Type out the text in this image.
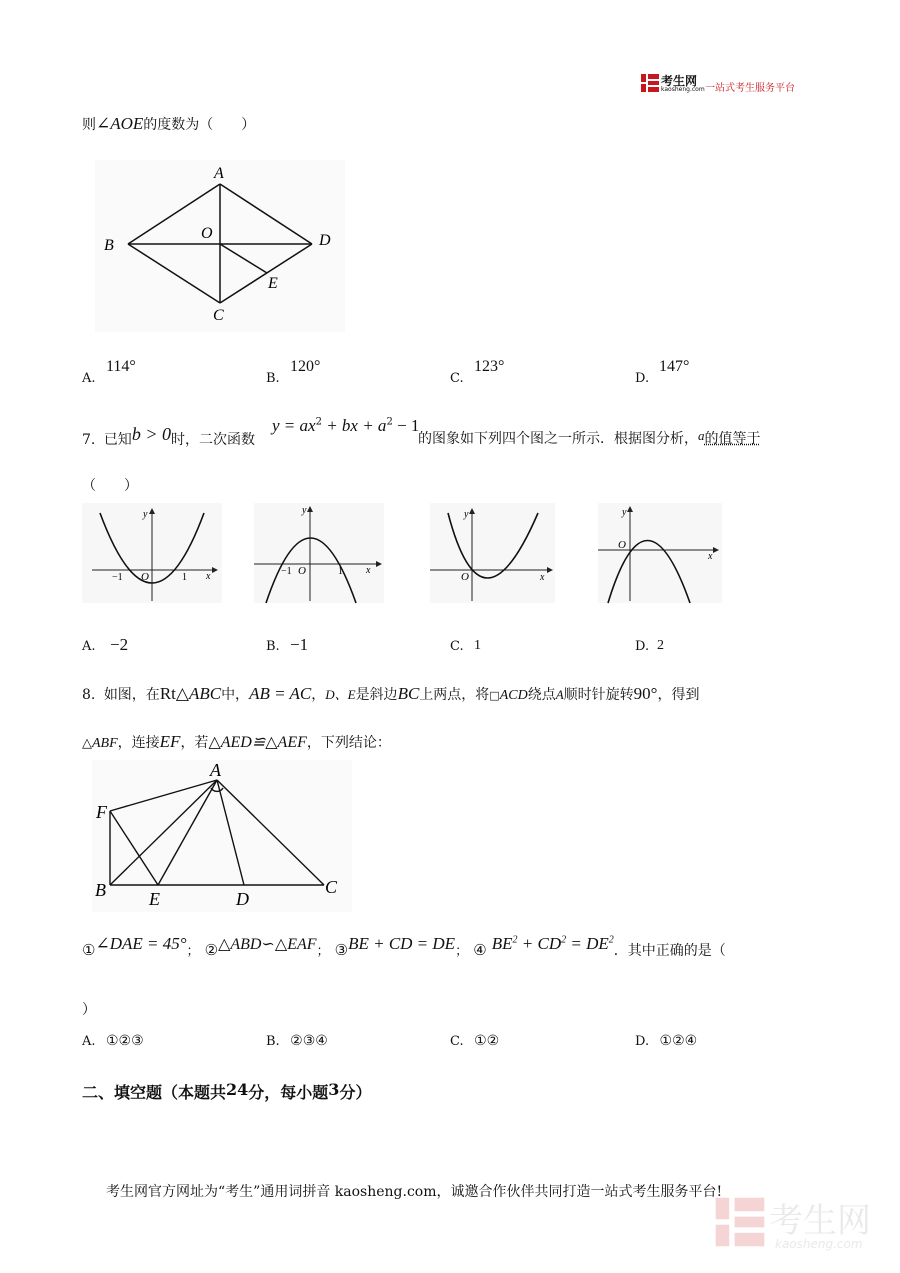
考生网
kaosheng.com 一站式考生服务平台
则∠AOE的度数为（　　）
A
B
O	D
E
C
A.
114°
B.
120°
C.
123°
D.
147°
7. 已知b > 0时，二次函数
$y = ax^2$ + bx + $a^2 - 1$
的图象如下列四个图之一所示．根据图分析，a的值等于
（　　）
y
x
O
−1	1
y
x
O
−1	1
y
x
O
y
x
O
A. −2	B. −1	C. 1	D. 2
8. 如图，在Rt△ABC中，AB = AC，D、E是斜边BC上两点，将□ACD绕点A顺时针旋转90°，得到
△ABF，连接EF，若△AED≌△AEF，下列结论：
A
F
B E	D
C
①∠DAE = 45°； ②△ABD∽△EAF； ③BE + CD = DE； ④ $BE^2 + CD^2 = DE^2$．其中正确的是（
）
A. ①②③	B. ②③④	C. ①②	D. ①②④
二、填空题（本题共24分，每小题3分）
考生网官方网址为“考生”通用词拼音 kaosheng.com，诚邀合作伙伴共同打造一站式考生服务平台!
考生网
kaosheng.com
